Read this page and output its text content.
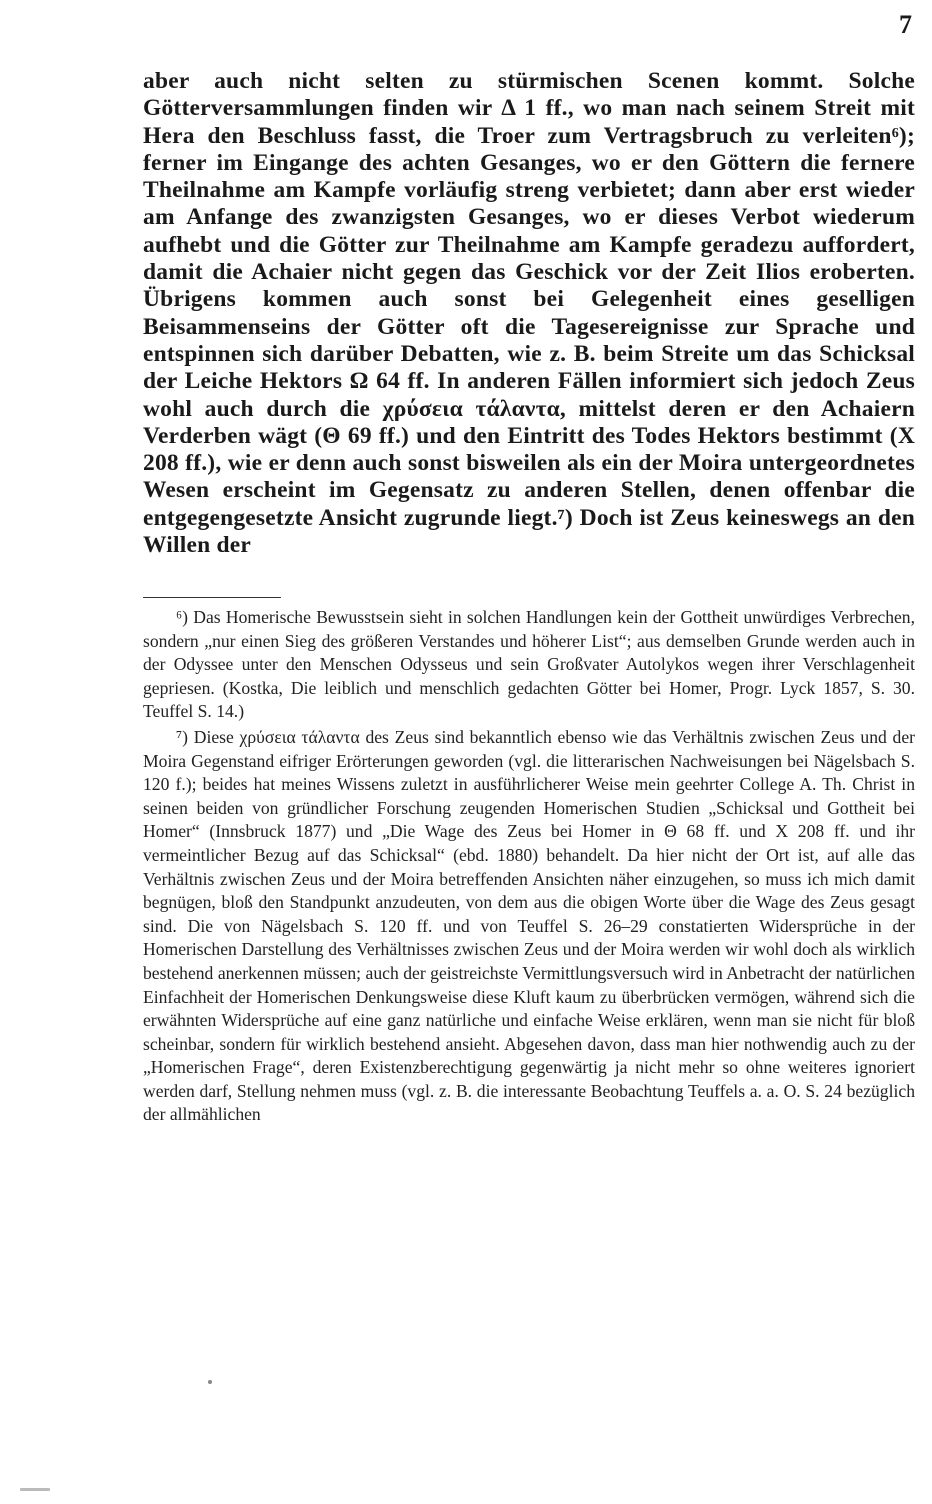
7

aber auch nicht selten zu stürmischen Scenen kommt. Solche Götterversammlungen finden wir Δ 1 ff., wo man nach seinem Streit mit Hera den Beschluss fasst, die Troer zum Vertragsbruch zu verleiten⁶); ferner im Eingange des achten Gesanges, wo er den Göttern die fernere Theilnahme am Kampfe vorläufig streng verbietet; dann aber erst wieder am Anfange des zwanzigsten Gesanges, wo er dieses Verbot wiederum aufhebt und die Götter zur Theilnahme am Kampfe geradezu auffordert, damit die Achaier nicht gegen das Geschick vor der Zeit Ilios eroberten. Übrigens kommen auch sonst bei Gelegenheit eines geselligen Beisammenseins der Götter oft die Tagesereignisse zur Sprache und entspinnen sich darüber Debatten, wie z. B. beim Streite um das Schicksal der Leiche Hektors Ω 64 ff. In anderen Fällen informiert sich jedoch Zeus wohl auch durch die χρύσεια τάλαντα, mittelst deren er den Achaiern Verderben wägt (Θ 69 ff.) und den Eintritt des Todes Hektors bestimmt (X 208 ff.), wie er denn auch sonst bisweilen als ein der Moira untergeordnetes Wesen erscheint im Gegensatz zu anderen Stellen, denen offenbar die entgegengesetzte Ansicht zugrunde liegt.⁷) Doch ist Zeus keineswegs an den Willen der

⁶) Das Homerische Bewusstsein sieht in solchen Handlungen kein der Gottheit unwürdiges Verbrechen, sondern „nur einen Sieg des größeren Verstandes und höherer List“; aus demselben Grunde werden auch in der Odyssee unter den Menschen Odysseus und sein Großvater Autolykos wegen ihrer Verschlagenheit gepriesen. (Kostka, Die leiblich und menschlich gedachten Götter bei Homer, Progr. Lyck 1857, S. 30. Teuffel S. 14.)

⁷) Diese χρύσεια τάλαντα des Zeus sind bekanntlich ebenso wie das Verhältnis zwischen Zeus und der Moira Gegenstand eifriger Erörterungen geworden (vgl. die litterarischen Nachweisungen bei Nägelsbach S. 120 f.); beides hat meines Wissens zuletzt in ausführlicherer Weise mein geehrter College A. Th. Christ in seinen beiden von gründlicher Forschung zeugenden Homerischen Studien „Schicksal und Gottheit bei Homer“ (Innsbruck 1877) und „Die Wage des Zeus bei Homer in Θ 68 ff. und X 208 ff. und ihr vermeintlicher Bezug auf das Schicksal“ (ebd. 1880) behandelt. Da hier nicht der Ort ist, auf alle das Verhältnis zwischen Zeus und der Moira betreffenden Ansichten näher einzugehen, so muss ich mich damit begnügen, bloß den Standpunkt anzudeuten, von dem aus die obigen Worte über die Wage des Zeus gesagt sind. Die von Nägelsbach S. 120 ff. und von Teuffel S. 26–29 constatierten Widersprüche in der Homerischen Darstellung des Verhältnisses zwischen Zeus und der Moira werden wir wohl doch als wirklich bestehend anerkennen müssen; auch der geistreichste Vermittlungsversuch wird in Anbetracht der natürlichen Einfachheit der Homerischen Denkungsweise diese Kluft kaum zu überbrücken vermögen, während sich die erwähnten Widersprüche auf eine ganz natürliche und einfache Weise erklären, wenn man sie nicht für bloß scheinbar, sondern für wirklich bestehend ansieht. Abgesehen davon, dass man hier nothwendig auch zu der „Homerischen Frage“, deren Existenzberechtigung gegenwärtig ja nicht mehr so ohne weiteres ignoriert werden darf, Stellung nehmen muss (vgl. z. B. die interessante Beobachtung Teuffels a. a. O. S. 24 bezüglich der allmählichen
